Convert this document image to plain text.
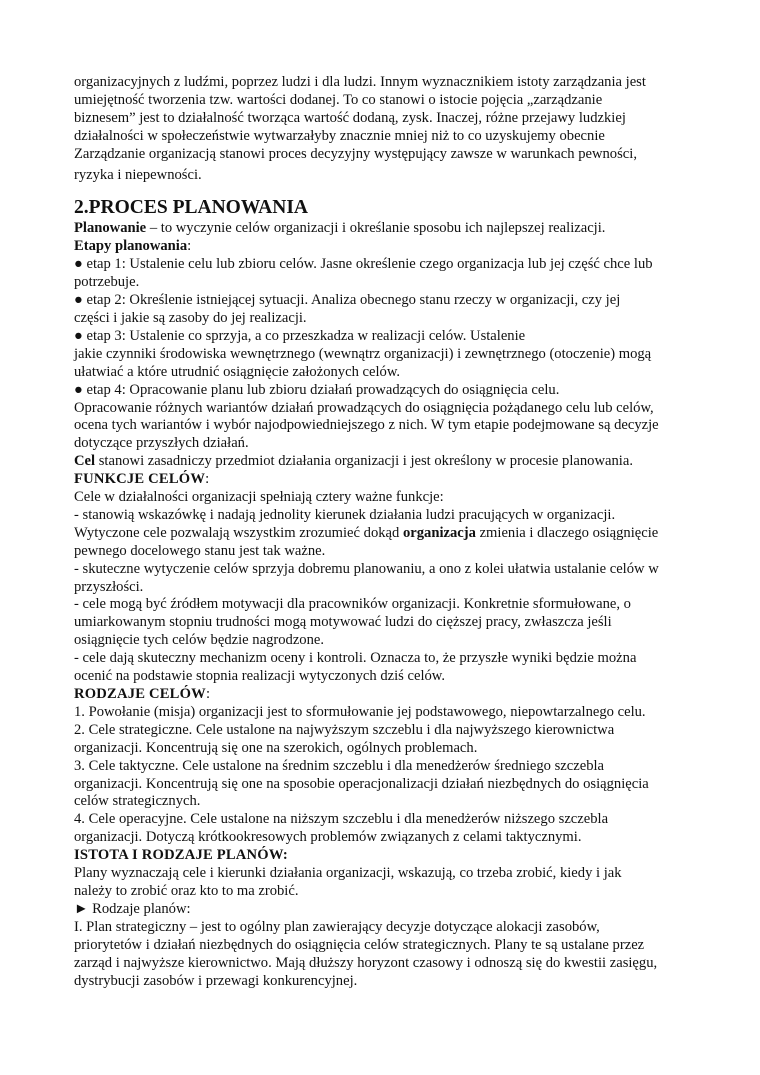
organizacyjnych z ludźmi, poprzez ludzi i dla ludzi. Innym wyznacznikiem istoty zarządzania jest
umiejętność tworzenia tzw. wartości dodanej. To co stanowi o istocie pojęcia „zarządzanie
biznesem” jest to działalność tworząca wartość dodaną, zysk. Inaczej, różne przejawy ludzkiej
działalności w społeczeństwie wytwarzałyby znacznie mniej niż to co uzyskujemy obecnie
Zarządzanie organizacją stanowi proces decyzyjny występujący zawsze w warunkach pewności,
ryzyka i niepewności.
2.PROCES PLANOWANIA
Planowanie – to wyczynie celów organizacji i określanie sposobu ich najlepszej realizacji.
Etapy planowania:
● etap 1: Ustalenie celu lub zbioru celów. Jasne określenie czego organizacja lub jej część chce lub
potrzebuje.
● etap 2: Określenie istniejącej sytuacji. Analiza obecnego stanu rzeczy w organizacji, czy jej
części i jakie są zasoby do jej realizacji.
● etap 3: Ustalenie co sprzyja, a co przeszkadza w realizacji celów. Ustalenie
jakie czynniki środowiska wewnętrznego (wewnątrz organizacji) i zewnętrznego (otoczenie) mogą
ułatwiać a które utrudnić osiągnięcie założonych celów.
● etap 4: Opracowanie planu lub zbioru działań prowadzących do osiągnięcia celu.
Opracowanie różnych wariantów działań prowadzących do osiągnięcia pożądanego celu lub celów,
ocena tych wariantów i wybór najodpowiedniejszego z nich. W tym etapie podejmowane są decyzje
dotyczące przyszłych działań.
Cel stanowi zasadniczy przedmiot działania organizacji i jest określony w procesie planowania.
FUNKCJE CELÓW:
Cele w działalności organizacji spełniają cztery ważne funkcje:
- stanowią wskazówkę i nadają jednolity kierunek działania ludzi pracujących w organizacji.
Wytyczone cele pozwalają wszystkim zrozumieć dokąd organizacja zmienia i dlaczego osiągnięcie
pewnego docelowego stanu jest tak ważne.
- skuteczne wytyczenie celów sprzyja dobremu planowaniu, a ono z kolei ułatwia ustalanie celów w
przyszłości.
- cele mogą być źródłem motywacji dla pracowników organizacji. Konkretnie sformułowane, o
umiarkowanym stopniu trudności mogą motywować ludzi do cięższej pracy, zwłaszcza jeśli
osiągnięcie tych celów będzie nagrodzone.
- cele dają skuteczny mechanizm oceny i kontroli. Oznacza to, że przyszłe wyniki będzie można
ocenić na podstawie stopnia realizacji wytyczonych dziś celów.
RODZAJE CELÓW:
1. Powołanie (misja) organizacji jest to sformułowanie jej podstawowego, niepowtarzalnego celu.
2. Cele strategiczne. Cele ustalone na najwyższym szczeblu i dla najwyższego kierownictwa
organizacji. Koncentrują się one na szerokich, ogólnych problemach.
3. Cele taktyczne. Cele ustalone na średnim szczeblu i dla menedżerów średniego szczebla
organizacji. Koncentrują się one na sposobie operacjonalizacji działań niezbędnych do osiągnięcia
celów strategicznych.
4. Cele operacyjne. Cele ustalone na niższym szczeblu i dla menedżerów niższego szczebla
organizacji. Dotyczą krótkookresowych problemów związanych z celami taktycznymi.
ISTOTA I RODZAJE PLANÓW:
Plany wyznaczają cele i kierunki działania organizacji, wskazują, co trzeba zrobić, kiedy i jak
należy to zrobić oraz kto to ma zrobić.
► Rodzaje planów:
I. Plan strategiczny – jest to ogólny plan zawierający decyzje dotyczące alokacji zasobów,
priorytetów i działań niezbędnych do osiągnięcia celów strategicznych. Plany te są ustalane przez
zarząd i najwyższe kierownictwo. Mają dłuższy horyzont czasowy i odnoszą się do kwestii zasięgu,
dystrybucji zasobów i przewagi konkurencyjnej.
